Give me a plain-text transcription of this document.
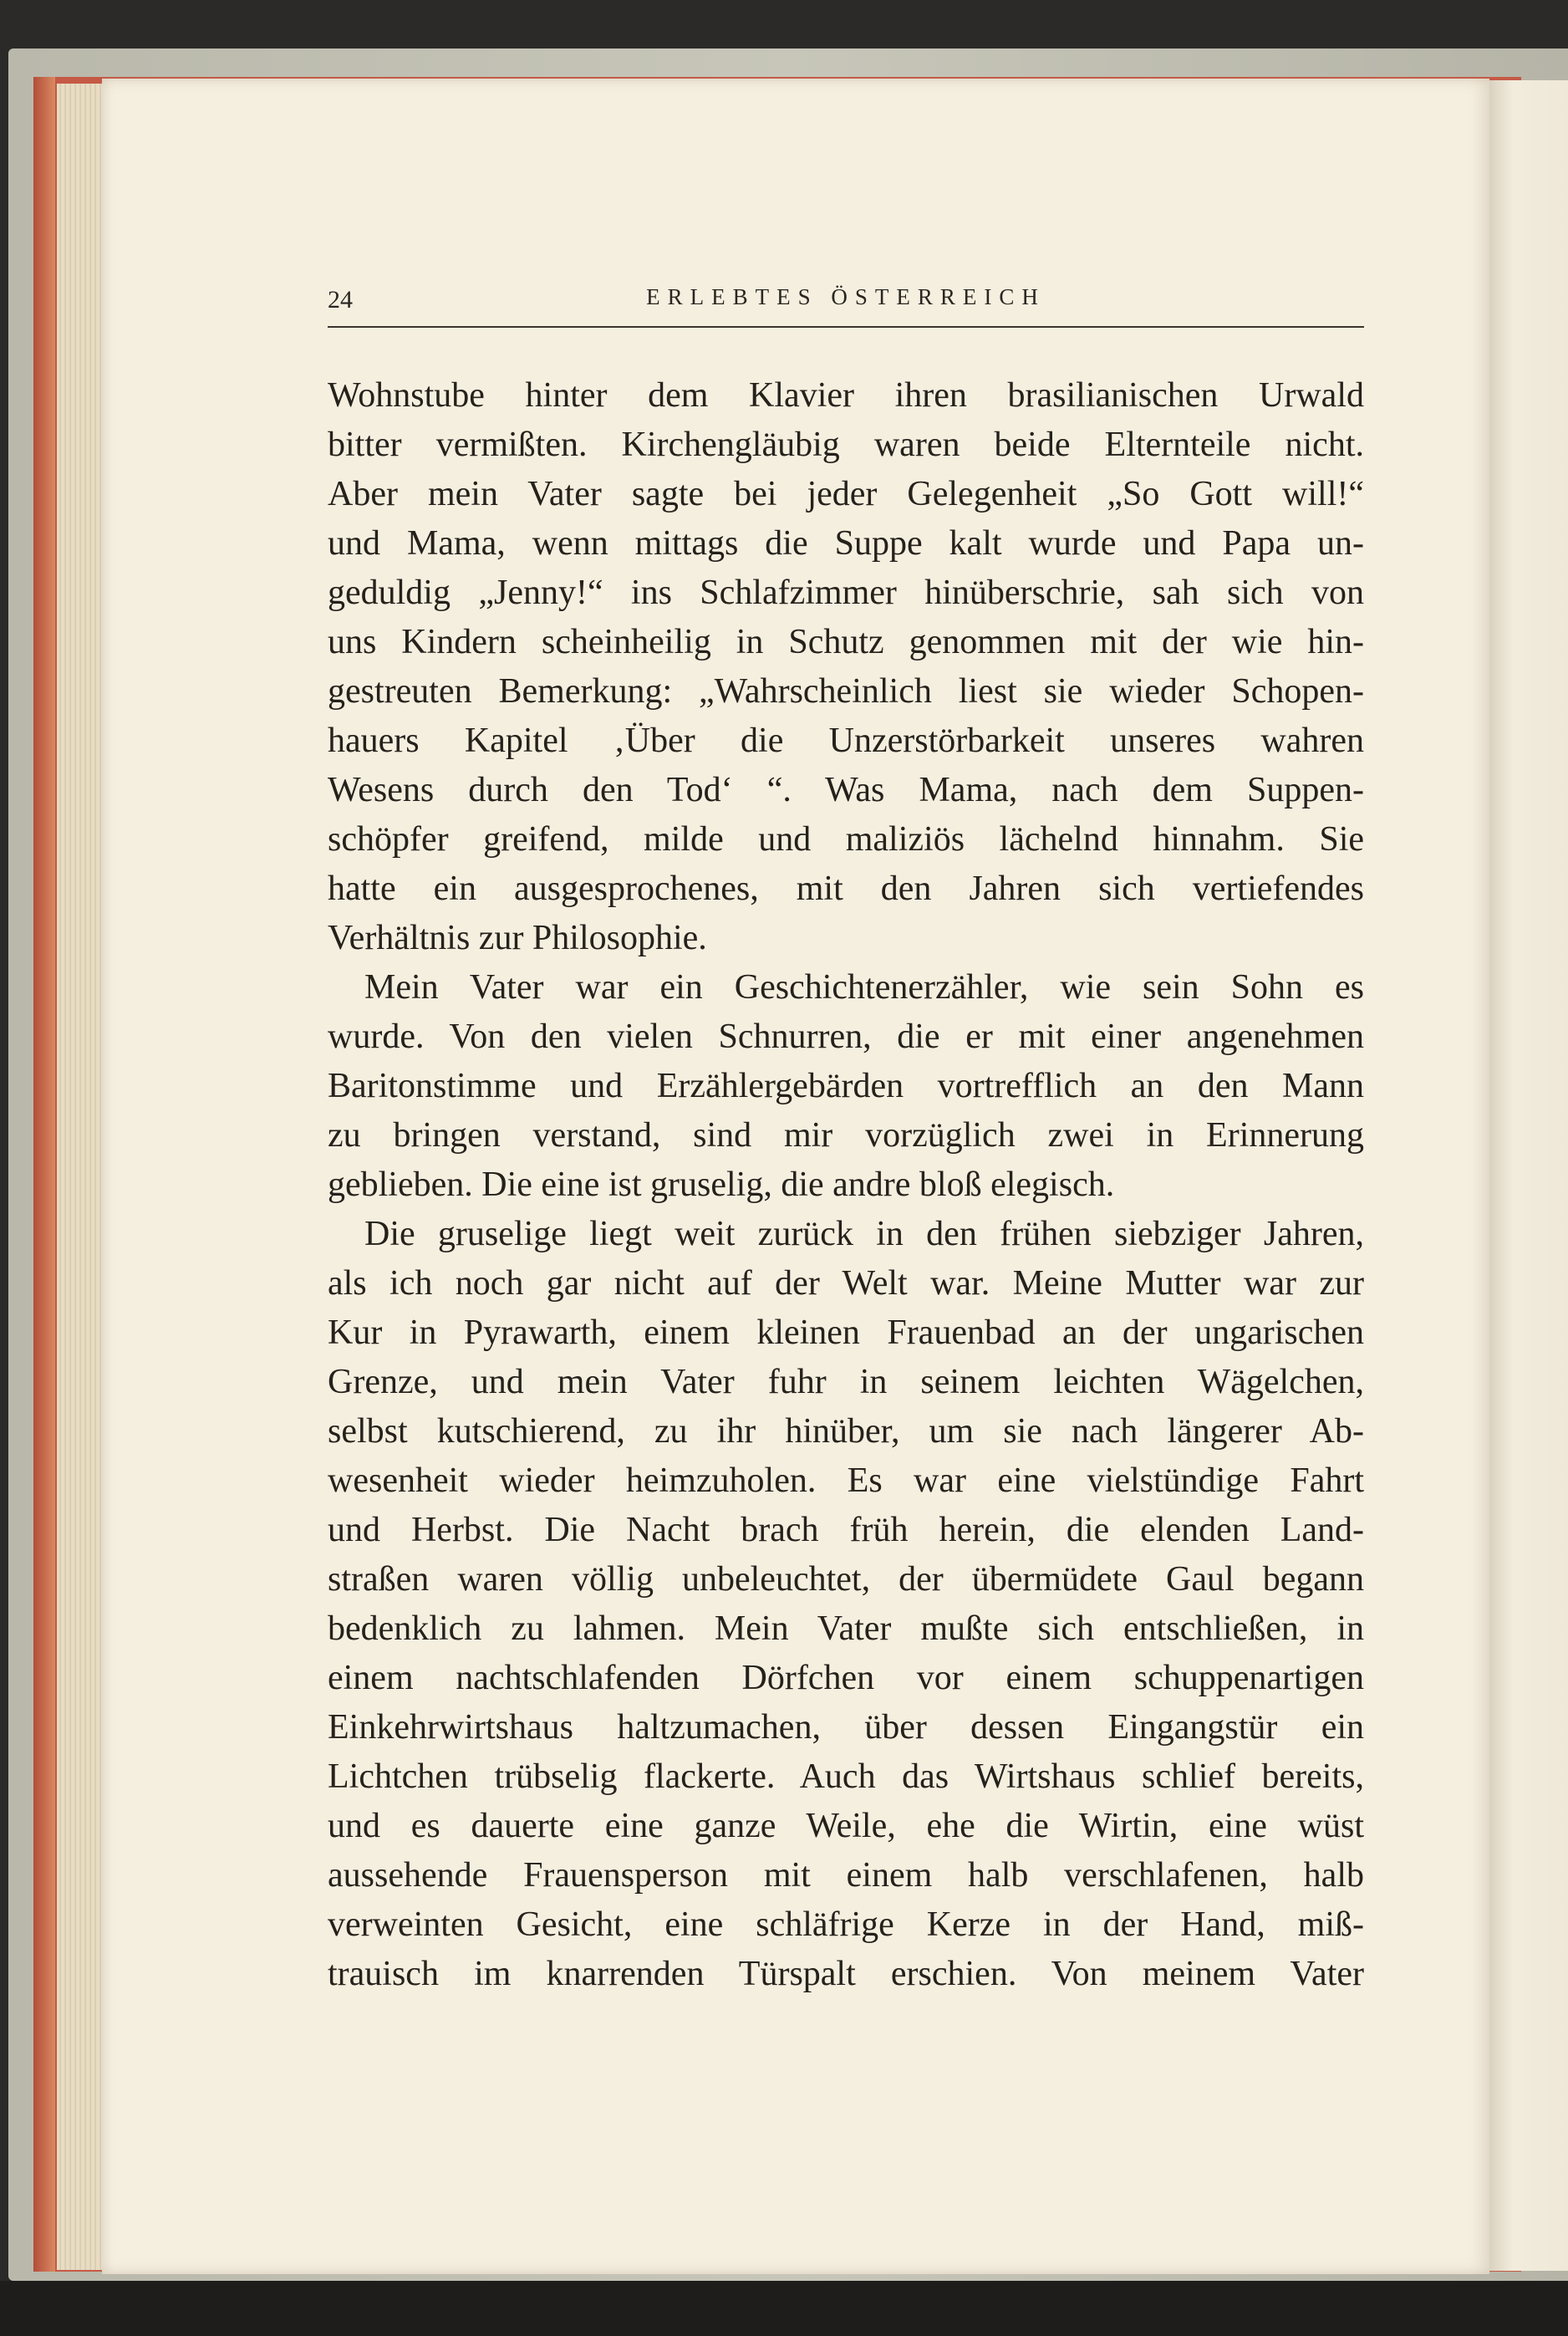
24	ERLEBTES ÖSTERREICH
Wohnstube hinter dem Klavier ihren brasilianischen Urwald
bitter vermißten. Kirchengläubig waren beide Elternteile nicht.
Aber mein Vater sagte bei jeder Gelegenheit „So Gott will!“
und Mama, wenn mittags die Suppe kalt wurde und Papa un-
geduldig „Jenny!“ ins Schlafzimmer hinüberschrie, sah sich von
uns Kindern scheinheilig in Schutz genommen mit der wie hin-
gestreuten Bemerkung: „Wahrscheinlich liest sie wieder Schopen-
hauers Kapitel ‚Über die Unzerstörbarkeit unseres wahren
Wesens durch den Tod‘ “. Was Mama, nach dem Suppen-
schöpfer greifend, milde und maliziös lächelnd hinnahm. Sie
hatte ein ausgesprochenes, mit den Jahren sich vertiefendes
Verhältnis zur Philosophie.
Mein Vater war ein Geschichtenerzähler, wie sein Sohn es
wurde. Von den vielen Schnurren, die er mit einer angenehmen
Baritonstimme und Erzählergebärden vortrefflich an den Mann
zu bringen verstand, sind mir vorzüglich zwei in Erinnerung
geblieben. Die eine ist gruselig, die andre bloß elegisch.
Die gruselige liegt weit zurück in den frühen siebziger Jahren,
als ich noch gar nicht auf der Welt war. Meine Mutter war zur
Kur in Pyrawarth, einem kleinen Frauenbad an der ungarischen
Grenze, und mein Vater fuhr in seinem leichten Wägelchen,
selbst kutschierend, zu ihr hinüber, um sie nach längerer Ab-
wesenheit wieder heimzuholen. Es war eine vielstündige Fahrt
und Herbst. Die Nacht brach früh herein, die elenden Land-
straßen waren völlig unbeleuchtet, der übermüdete Gaul begann
bedenklich zu lahmen. Mein Vater mußte sich entschließen, in
einem nachtschlafenden Dörfchen vor einem schuppenartigen
Einkehrwirtshaus haltzumachen, über dessen Eingangstür ein
Lichtchen trübselig flackerte. Auch das Wirtshaus schlief bereits,
und es dauerte eine ganze Weile, ehe die Wirtin, eine wüst
aussehende Frauensperson mit einem halb verschlafenen, halb
verweinten Gesicht, eine schläfrige Kerze in der Hand, miß-
trauisch im knarrenden Türspalt erschien. Von meinem Vater
